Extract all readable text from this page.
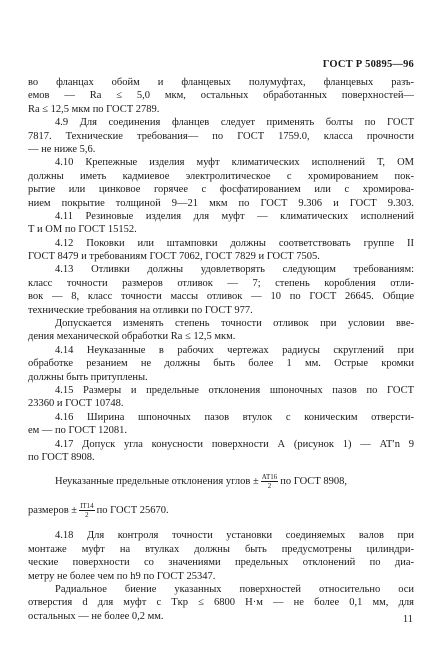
ГОСТ Р 50895—96
во фланцах обойм и фланцевых полумуфтах, фланцевых разъ-
емов — Ra ≤ 5,0 мкм, остальных обработанных поверхностей—
Ra ≤ 12,5 мкм по ГОСТ 2789.
4.9 Для соединения фланцев следует применять болты по ГОСТ
7817. Технические требования— по ГОСТ 1759.0, класса прочности
— не ниже 5,6.
4.10 Крепежные изделия муфт климатических исполнений Т, ОМ
должны иметь кадмиевое электролитическое с хромированием пок-
рытие или цинковое горячее с фосфатированием или с хромирова-
нием покрытие толщиной 9—21 мкм по ГОСТ 9.306 и ГОСТ 9.303.
4.11 Резиновые изделия для муфт — климатических исполнений
Т и ОМ по ГОСТ 15152.
4.12 Поковки или штамповки должны соответствовать группе II
ГОСТ 8479 и требованиям ГОСТ 7062, ГОСТ 7829 и ГОСТ 7505.
4.13 Отливки должны удовлетворять следующим требованиям:
класс точности размеров отливок — 7; степень коробления отли-
вок — 8, класс точности массы отливок — 10 по ГОСТ 26645. Общие
технические требования на отливки по ГОСТ 977.
Допускается изменять степень точности отливок при условии вве-
дения механической обработки Ra ≤ 12,5 мкм.
4.14 Неуказанные в рабочих чертежах радиусы скруглений при
обработке резанием не должны быть более 1 мм. Острые кромки
должны быть притуплены.
4.15 Размеры и предельные отклонения шпоночных пазов по ГОСТ
23360 и ГОСТ 10748.
4.16 Ширина шпоночных пазов втулок с коническим отверсти-
ем — по ГОСТ 12081.
4.17 Допуск угла конусности поверхности А (рисунок 1) — AT′n 9
по ГОСТ 8908.
Неуказанные предельные отклонения углов ± $\frac{AT16}{2}$ по ГОСТ 8908,
размеров ± $\frac{IT14}{2}$ по ГОСТ 25670.
4.18 Для контроля точности установки соединяемых валов при
монтаже муфт на втулках должны быть предусмотрены цилиндри-
ческие поверхности со значениями предельных отклонений по диа-
метру не более чем по h9 по ГОСТ 25347.
Радиальное биение указанных поверхностей относительно оси
отверстия d для муфт с Tкр ≤ 6800 Н·м — не более 0,1 мм, для
остальных — не более 0,2 мм.	11
